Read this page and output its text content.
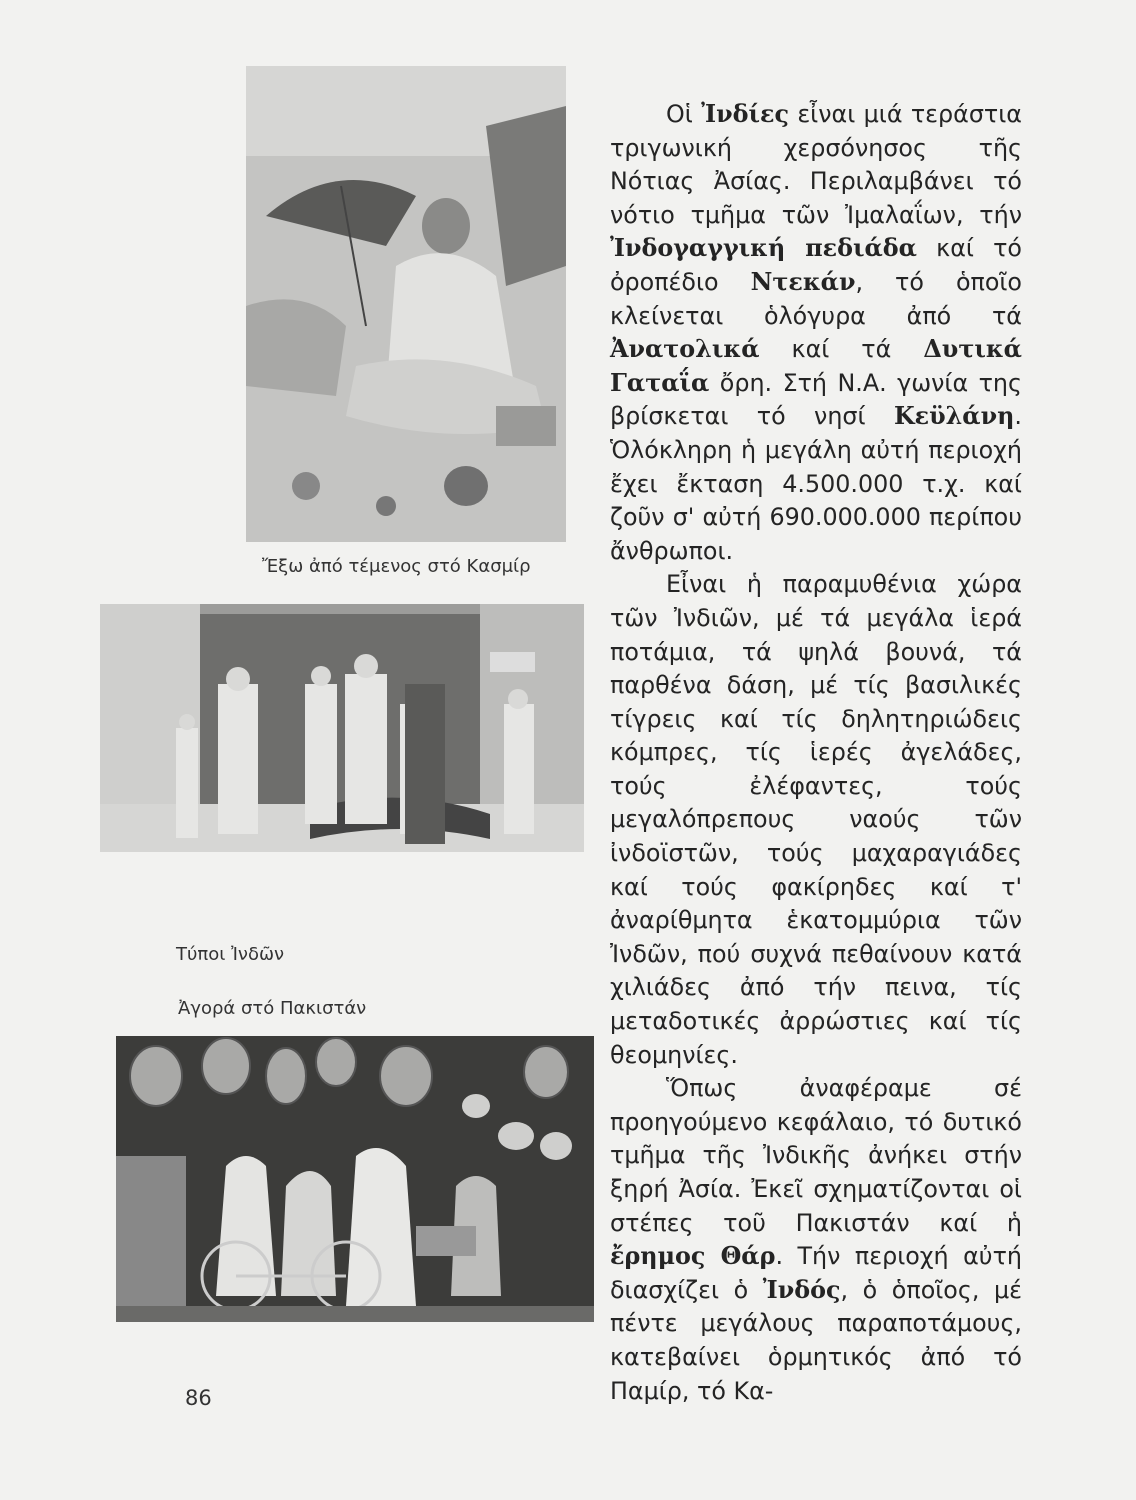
Ἔξω ἀπό τέμενος στό Κασμίρ
Τύποι Ἰνδῶν
Ἀγορά στό Πακιστάν

Οἱ Ἰνδίες εἶναι μιά τεράστια τριγωνική χερσόνησος τῆς Νότιας Ἀσίας. Περιλαμβάνει τό νότιο τμῆμα τῶν Ἰμαλαΐων, τήν Ἰνδογαγγική πεδιάδα καί τό ὀροπέδιο Ντεκάν, τό ὁποῖο κλείνεται ὁλόγυρα ἀπό τά Ἀνατολικά καί τά Δυτικά Γαταΐα ὄρη. Στή Ν.Α. γωνία της βρίσκεται τό νησί Κεϋλάνη. Ὁλόκληρη ἡ μεγάλη αὐτή περιοχή ἔχει ἔκταση 4.500.000 τ.χ. καί ζοῦν σ' αὐτή 690.000.000 περίπου ἄνθρωποι.

Εἶναι ἡ παραμυθένια χώρα τῶν Ἰνδιῶν, μέ τά μεγάλα ἱερά ποτάμια, τά ψηλά βουνά, τά παρθένα δάση, μέ τίς βασιλικές τίγρεις καί τίς δηλητηριώδεις κόμπρες, τίς ἱερές ἀγελάδες, τούς ἐλέφαντες, τούς μεγαλόπρεπους ναούς τῶν ἰνδοϊστῶν, τούς μαχαραγιάδες καί τούς φακίρηδες καί τ' ἀναρίθμητα ἑκατομμύρια τῶν Ἰνδῶν, πού συχνά πεθαίνουν κατά χιλιάδες ἀπό τήν πεινα, τίς μεταδοτικές ἀρρώστιες καί τίς θεομηνίες.

Ὅπως ἀναφέραμε σέ προηγούμενο κεφάλαιο, τό δυτικό τμῆμα τῆς Ἰνδικῆς ἀνήκει στήν ξηρή Ἀσία. Ἐκεῖ σχηματίζονται οἱ στέπες τοῦ Πακιστάν καί ἡ ἔρημος Θάρ. Τήν περιοχή αὐτή διασχίζει ὁ Ἰνδός, ὁ ὁποῖος, μέ πέντε μεγάλους παραποτάμους, κατεβαίνει ὁρμητικός ἀπό τό Παμίρ, τό Κα-

86
